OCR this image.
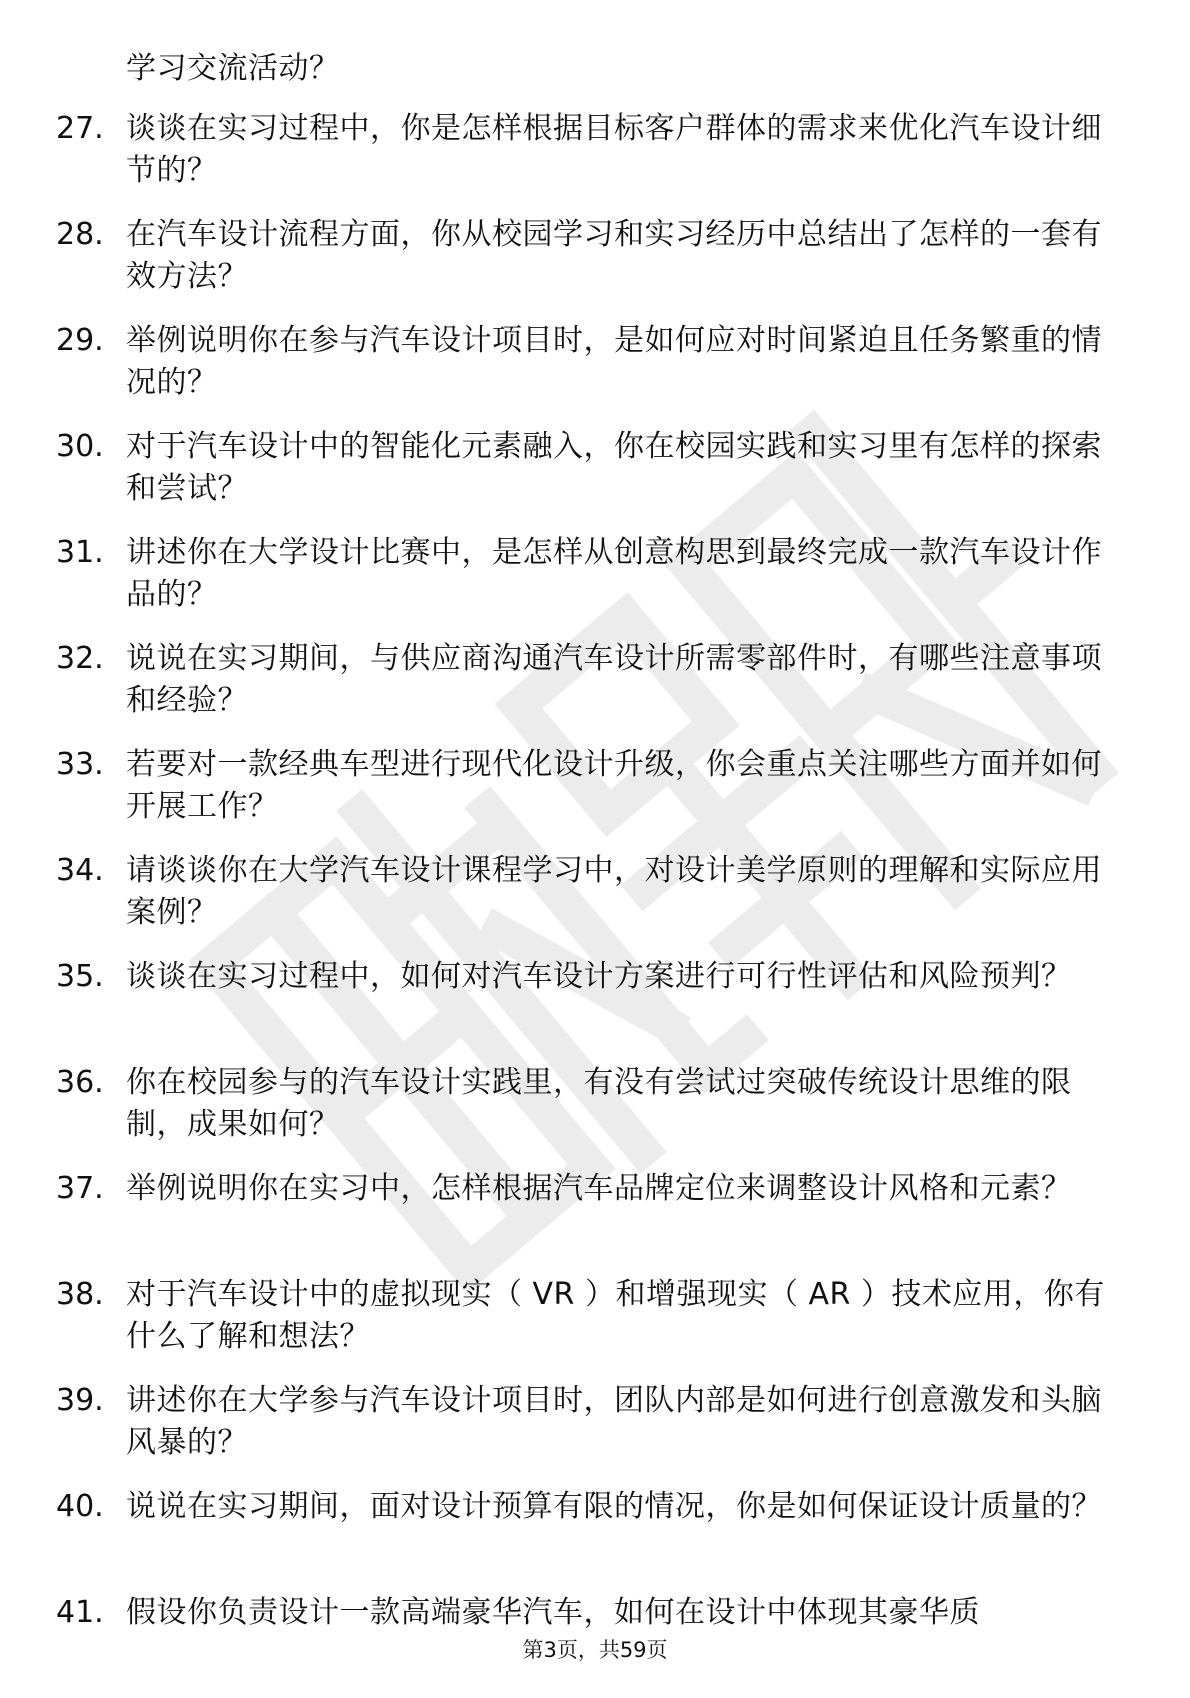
学习交流活动？
27. 谈谈在实习过程中，你是怎样根据目标客户群体的需求来优化汽车设计细节的？
28. 在汽车设计流程方面，你从校园学习和实习经历中总结出了怎样的一套有效方法？
29. 举例说明你在参与汽车设计项目时，是如何应对时间紧迫且任务繁重的情况的？
30. 对于汽车设计中的智能化元素融入，你在校园实践和实习里有怎样的探索和尝试？
31. 讲述你在大学设计比赛中，是怎样从创意构思到最终完成一款汽车设计作品的？
32. 说说在实习期间，与供应商沟通汽车设计所需零部件时，有哪些注意事项和经验？
33. 若要对一款经典车型进行现代化设计升级，你会重点关注哪些方面并如何开展工作？
34. 请谈谈你在大学汽车设计课程学习中，对设计美学原则的理解和实际应用案例？
35. 谈谈在实习过程中，如何对汽车设计方案进行可行性评估和风险预判？
36. 你在校园参与的汽车设计实践里，有没有尝试过突破传统设计思维的限制，成果如何？
37. 举例说明你在实习中，怎样根据汽车品牌定位来调整设计风格和元素？
38. 对于汽车设计中的虚拟现实（ VR ）和增强现实（ AR ）技术应用，你有什么了解和想法？
39. 讲述你在大学参与汽车设计项目时，团队内部是如何进行创意激发和头脑风暴的？
40. 说说在实习期间，面对设计预算有限的情况，你是如何保证设计质量的？
41. 假设你负责设计一款高端豪华汽车，如何在设计中体现其豪华质
第3页，共59页
